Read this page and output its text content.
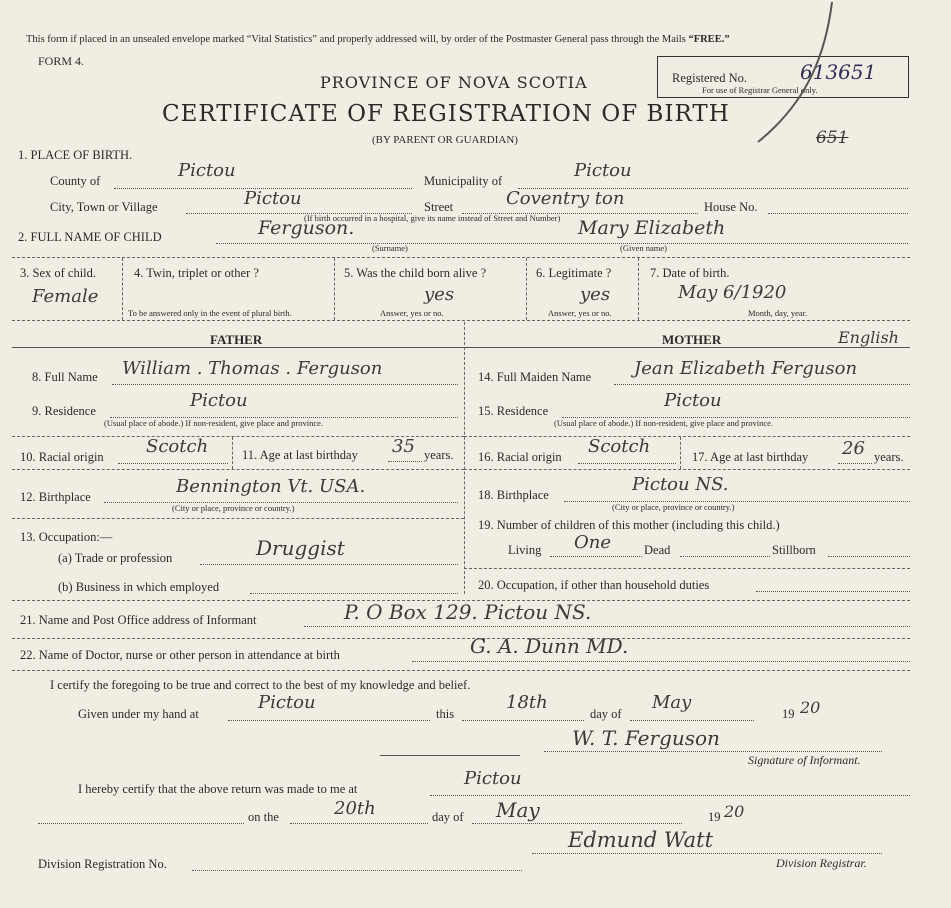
This form if placed in an unsealed envelope marked “Vital Statistics” and properly addressed will, by order of the Postmaster General pass through the Mails “FREE.”
FORM 4.
PROVINCE OF NOVA SCOTIA
CERTIFICATE OF REGISTRATION OF BIRTH
(BY PARENT OR GUARDIAN)
Registered No.	613651
For use of Registrar General only.
651
1. PLACE OF BIRTH.
County of	Pictou	Municipality of	Pictou
City, Town or Village	Pictou	Street	Coventry ton	House No.
(If birth occurred in a hospital, give its name instead of Street and Number)
2. FULL NAME OF CHILD	Ferguson.	Mary Elizabeth
(Surname)	(Given name)
3. Sex of child.
Female
4. Twin, triplet or other ?
To be answered only in the event of plural birth.
5. Was the child born alive ?
yes
Answer, yes or no.
6. Legitimate ?
yes
Answer, yes or no.
7. Date of birth.
May 6/1920
Month, day, year.
FATHER	MOTHER	English
8. Full Name William . Thomas . Ferguson
9. Residence	Pictou
(Usual place of abode.) If non-resident, give place and province.
10. Racial origin Scotch	11. Age at last birthday 35 years.
12. Birthplace	Bennington Vt. USA.
(City or place, province or country.)
13. Occupation:—
(a) Trade or profession	Druggist
(b) Business in which employed
14. Full Maiden Name Jean Elizabeth Ferguson
15. Residence	Pictou
(Usual place of abode.) If non-resident, give place and province.
16. Racial origin Scotch	17. Age at last birthday 26 years.
18. Birthplace	Pictou NS.
(City or place, province or country.)
19. Number of children of this mother (including this child.)
Living One	Dead	Stillborn
20. Occupation, if other than household duties
21. Name and Post Office address of Informant	P. O Box 129. Pictou NS.
22. Name of Doctor, nurse or other person in attendance at birth	G. A. Dunn MD.
I certify the foregoing to be true and correct to the best of my knowledge and belief.
Given under my hand at
Pictou
this
18th
day of
May
19 20
W. T. Ferguson
Signature of Informant.
I hereby certify that the above return was made to me at	Pictou
on the	20th	day of May	19 20
Division Registration No.
Edmund Watt
Division Registrar.
